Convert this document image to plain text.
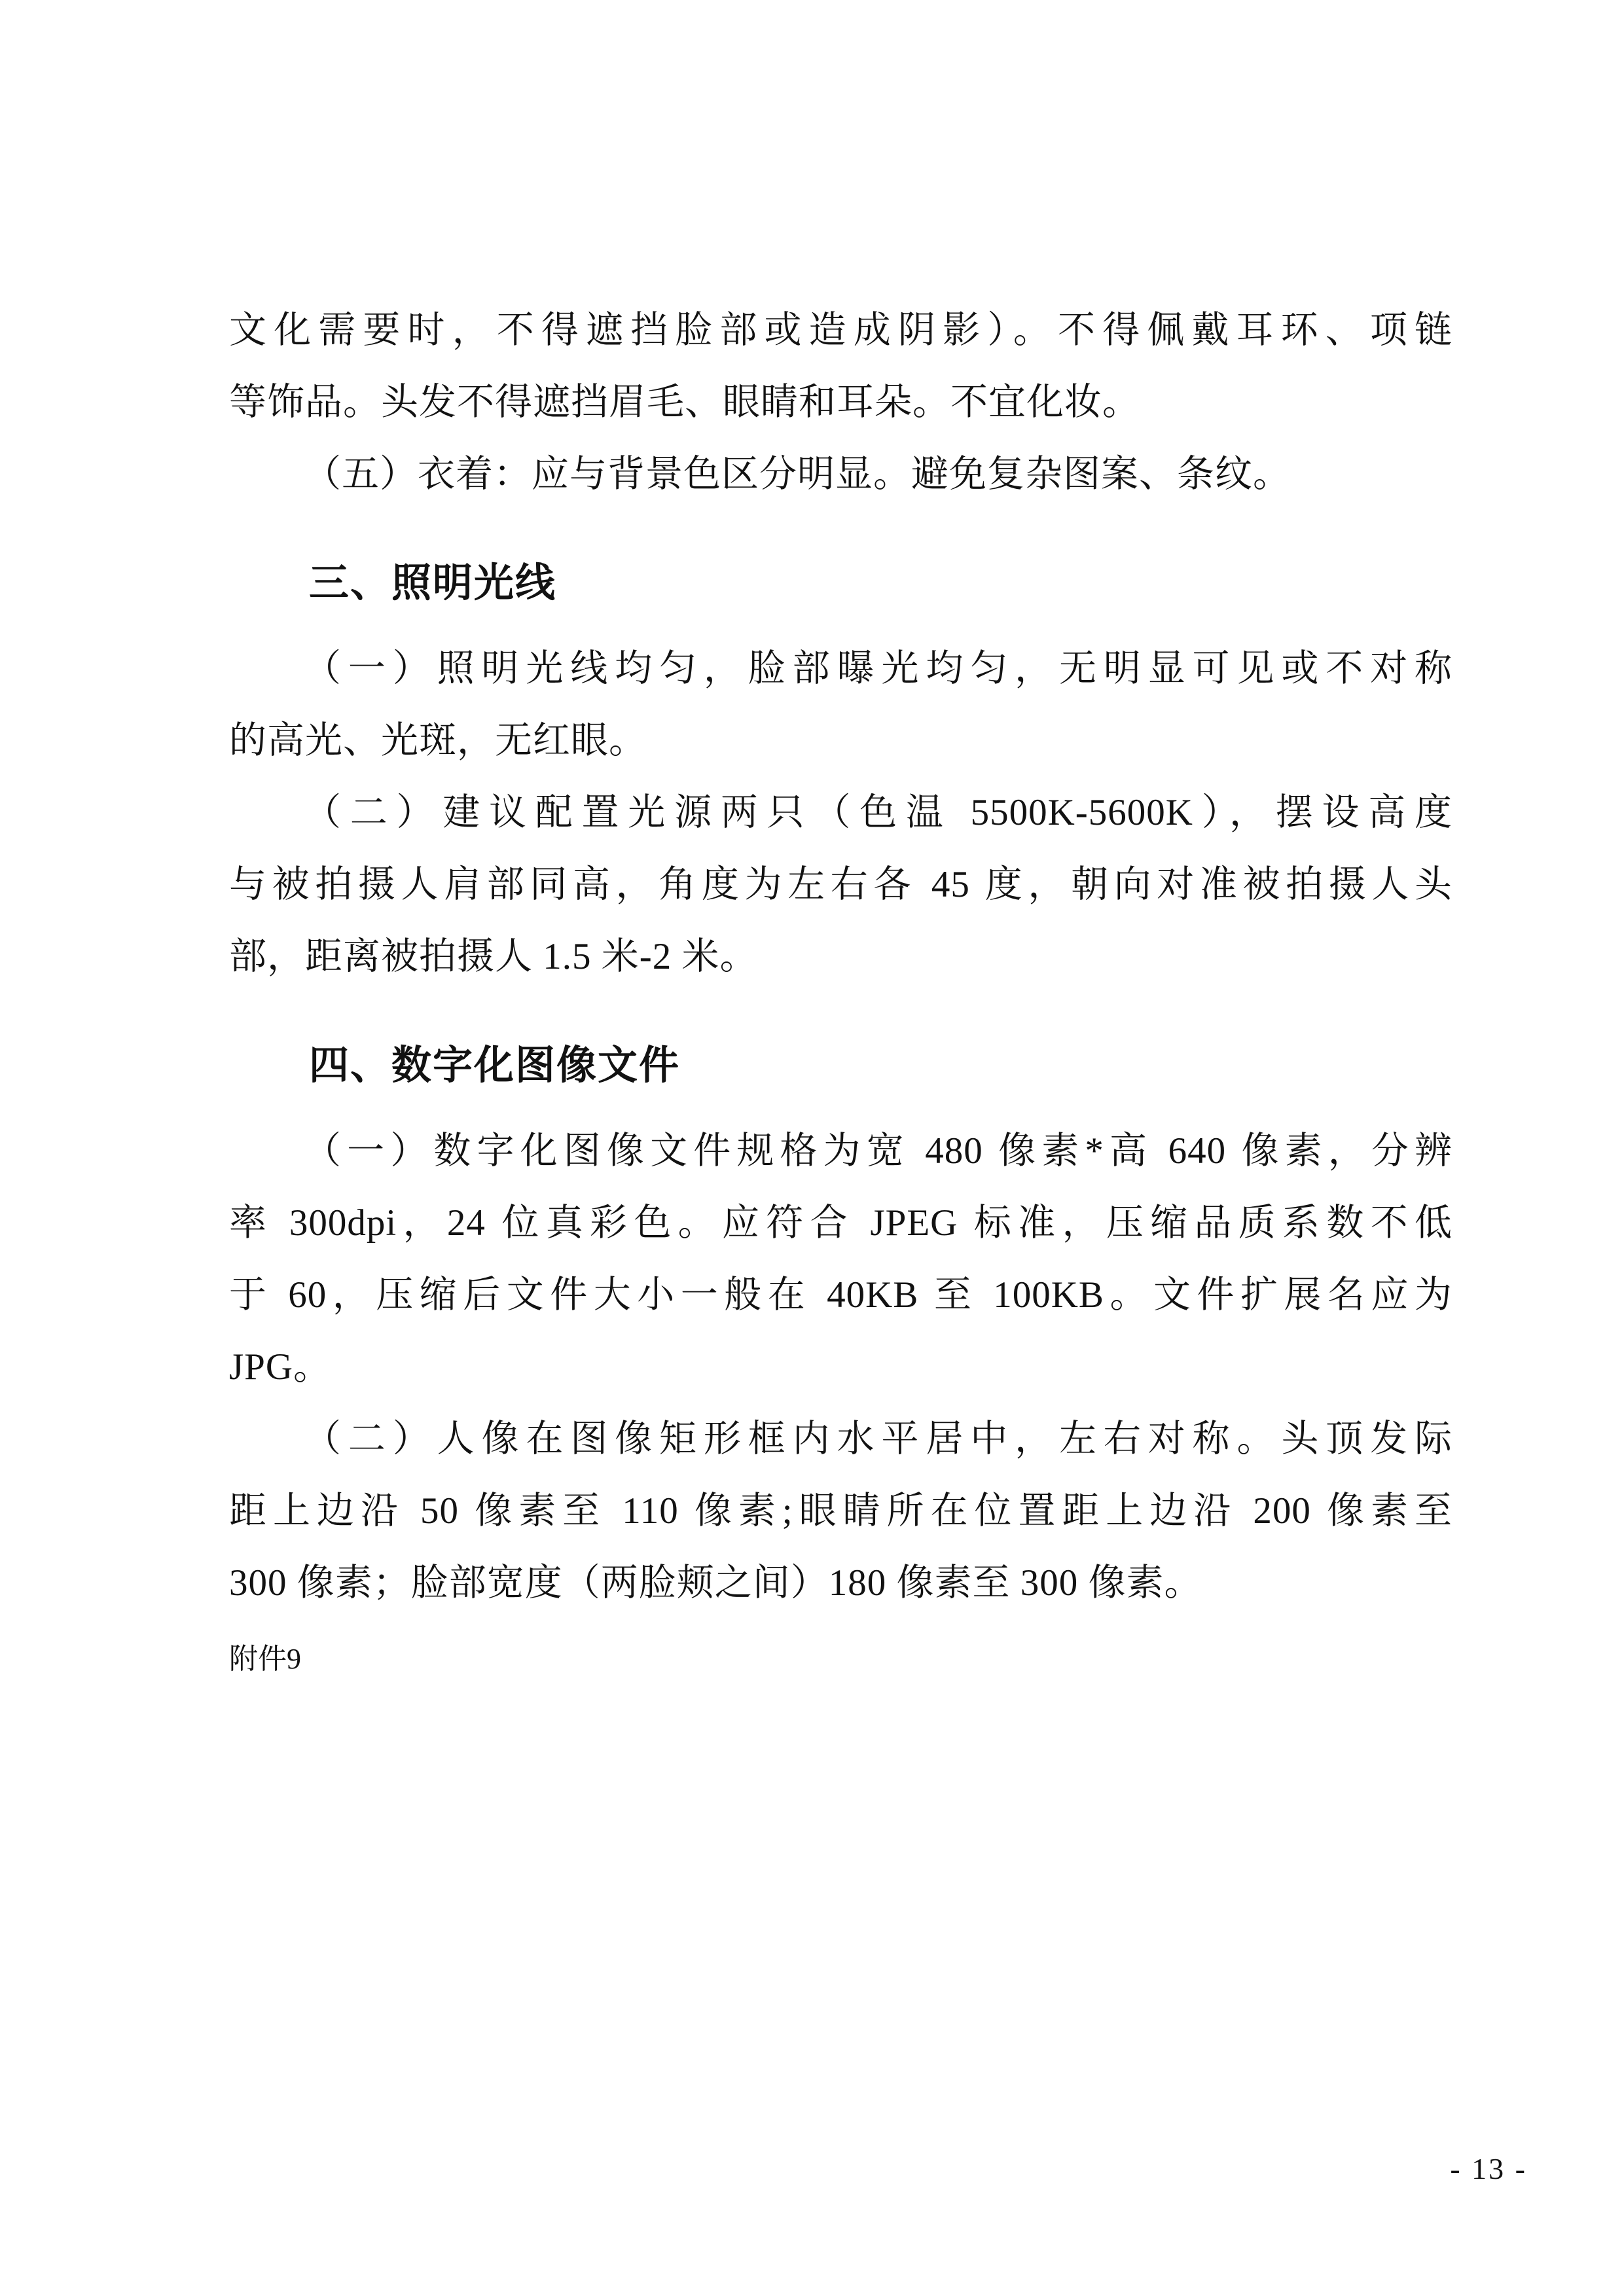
文化需要时，不得遮挡脸部或造成阴影）。不得佩戴耳环、项链
等饰品。头发不得遮挡眉毛、眼睛和耳朵。不宜化妆。
（五）衣着：应与背景色区分明显。避免复杂图案、条纹。
三、照明光线
（一）照明光线均匀，脸部曝光均匀，无明显可见或不对称
的高光、光斑，无红眼。
（二）建议配置光源两只（色温 5500K-5600K），摆设高度
与被拍摄人肩部同高，角度为左右各 45 度，朝向对准被拍摄人头
部，距离被拍摄人 1.5 米-2 米。
四、数字化图像文件
（一）数字化图像文件规格为宽 480 像素*高 640 像素，分辨
率 300dpi，24 位真彩色。应符合 JPEG 标准，压缩品质系数不低
于 60，压缩后文件大小一般在 40KB 至 100KB。文件扩展名应为
JPG。
（二）人像在图像矩形框内水平居中，左右对称。头顶发际
距上边沿 50 像素至 110 像素;眼睛所在位置距上边沿 200 像素至
300 像素；脸部宽度（两脸颊之间）180 像素至 300 像素。
附件9
- 13 -
